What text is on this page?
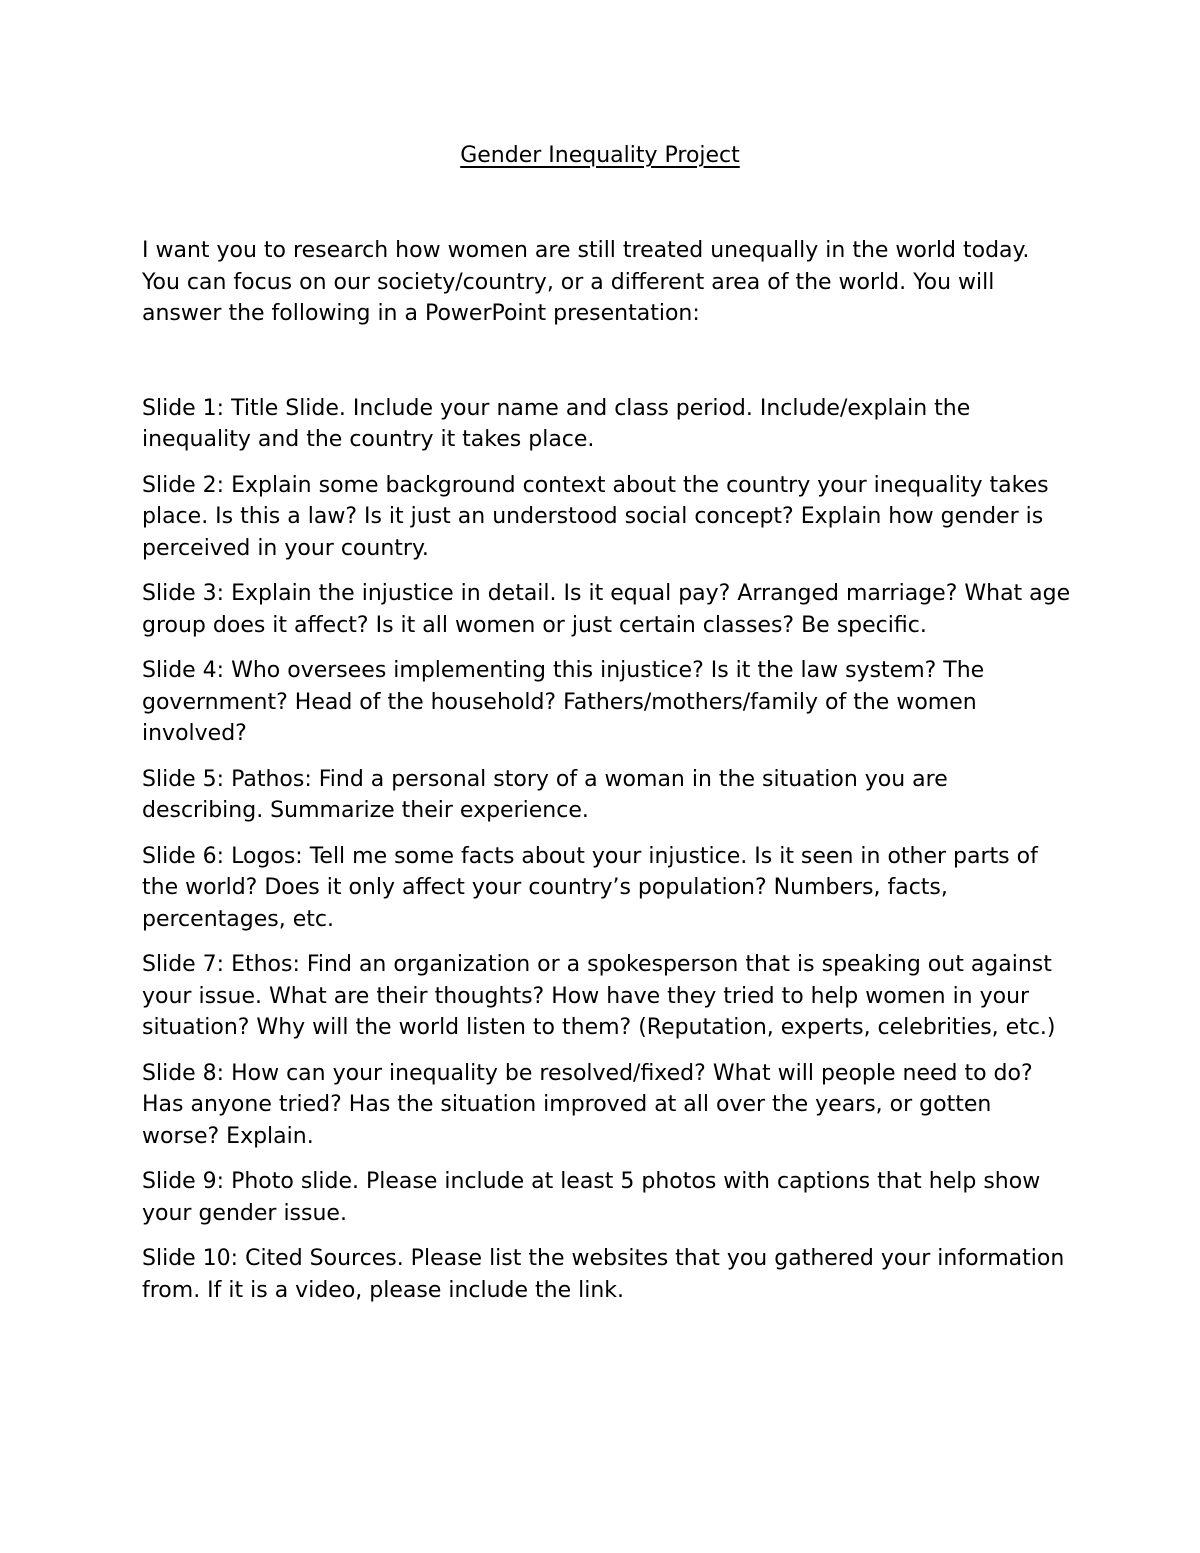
Gender Inequality Project

I want you to research how women are still treated unequally in the world today. You can focus on our society/country, or a different area of the world. You will answer the following in a PowerPoint presentation:

Slide 1: Title Slide. Include your name and class period. Include/explain the inequality and the country it takes place.

Slide 2: Explain some background context about the country your inequality takes place. Is this a law? Is it just an understood social concept? Explain how gender is perceived in your country.

Slide 3: Explain the injustice in detail. Is it equal pay? Arranged marriage? What age group does it affect? Is it all women or just certain classes? Be specific.

Slide 4: Who oversees implementing this injustice? Is it the law system? The government? Head of the household? Fathers/mothers/family of the women involved?

Slide 5: Pathos: Find a personal story of a woman in the situation you are describing. Summarize their experience.

Slide 6: Logos: Tell me some facts about your injustice. Is it seen in other parts of the world? Does it only affect your country’s population? Numbers, facts, percentages, etc.

Slide 7: Ethos: Find an organization or a spokesperson that is speaking out against your issue. What are their thoughts? How have they tried to help women in your situation? Why will the world listen to them? (Reputation, experts, celebrities, etc.)

Slide 8: How can your inequality be resolved/fixed? What will people need to do? Has anyone tried? Has the situation improved at all over the years, or gotten worse? Explain.

Slide 9: Photo slide. Please include at least 5 photos with captions that help show your gender issue.

Slide 10: Cited Sources. Please list the websites that you gathered your information from. If it is a video, please include the link.
